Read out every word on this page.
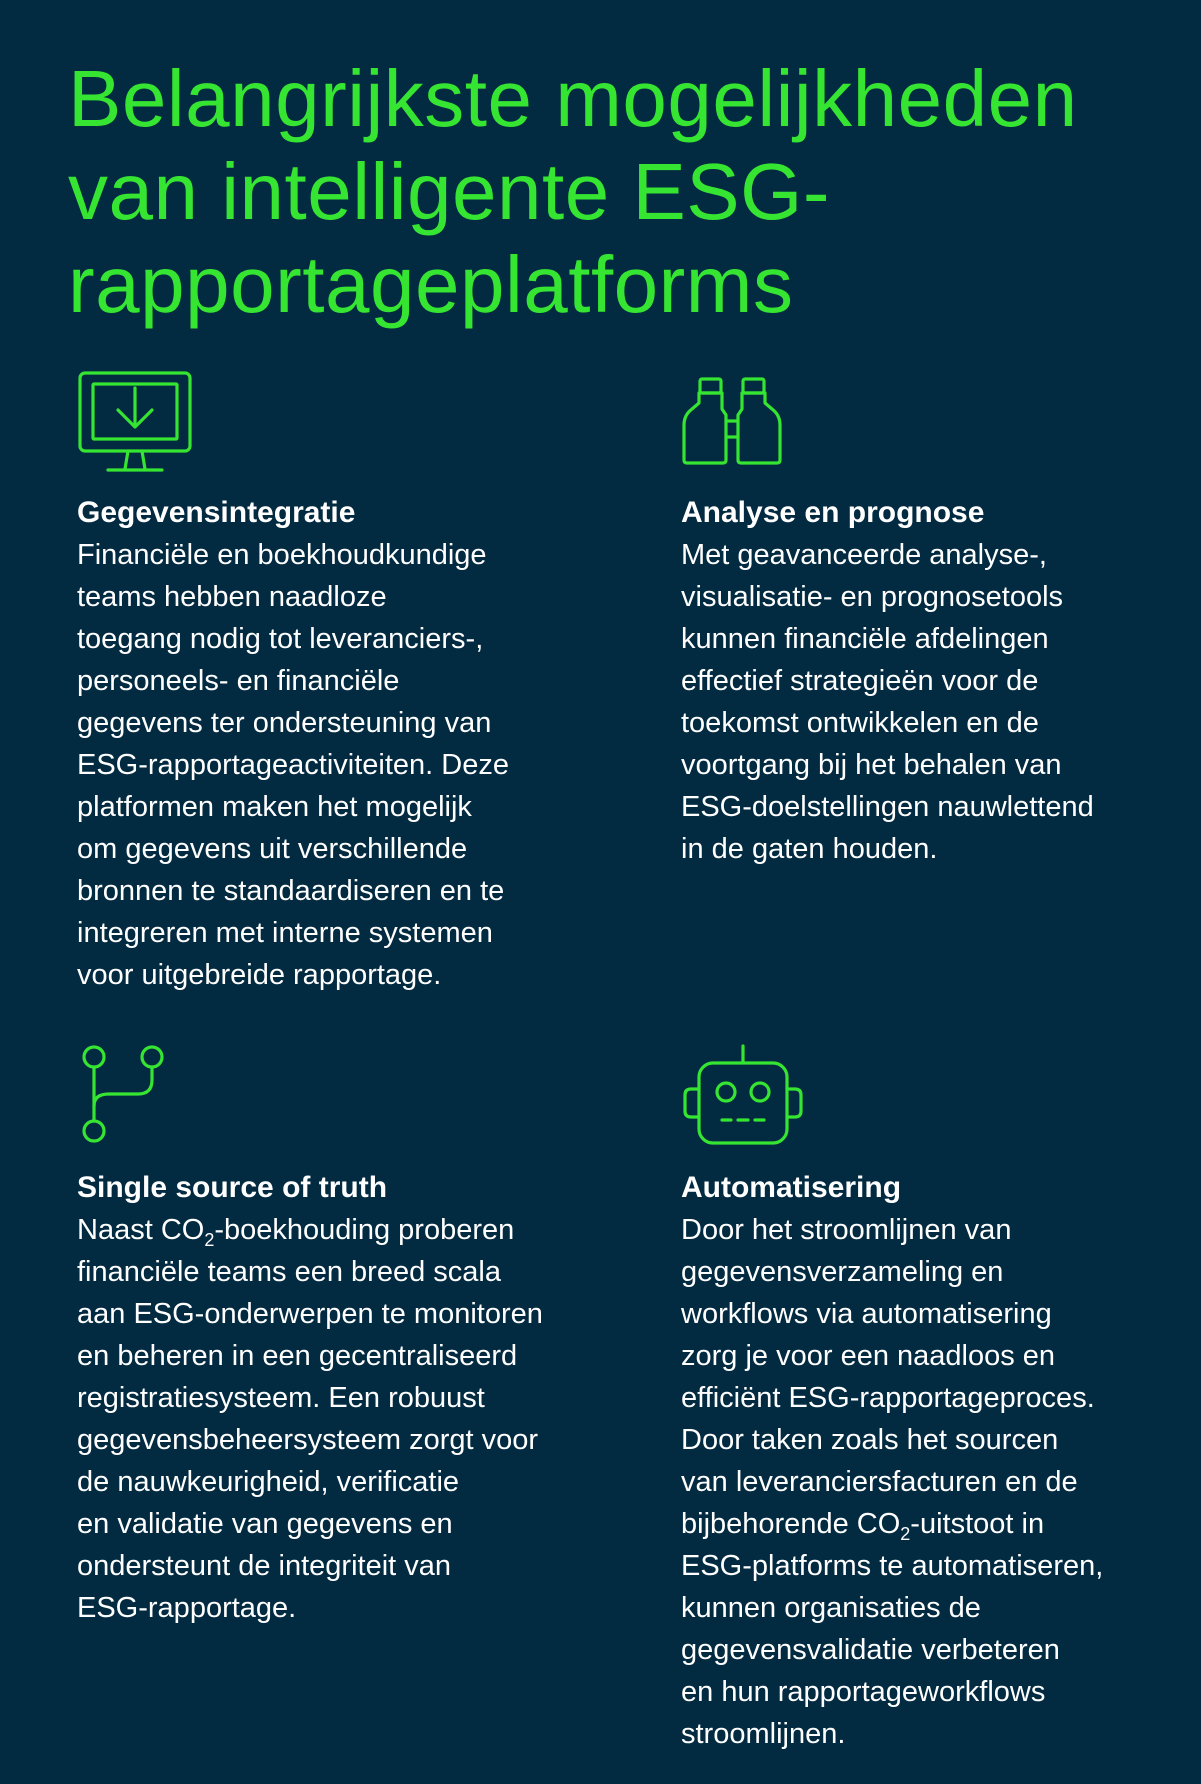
Belangrijkste mogelijkheden
van intelligente ESG-
rapportageplatforms
Gegevensintegratie
Financiële en boekhoudkundige
teams hebben naadloze
toegang nodig tot leveranciers-,
personeels- en financiële
gegevens ter ondersteuning van
ESG-rapportageactiviteiten. Deze
platformen maken het mogelijk
om gegevens uit verschillende
bronnen te standaardiseren en te
integreren met interne systemen
voor uitgebreide rapportage.
Analyse en prognose
Met geavanceerde analyse-,
visualisatie- en prognosetools
kunnen financiële afdelingen
effectief strategieën voor de
toekomst ontwikkelen en de
voortgang bij het behalen van
ESG-doelstellingen nauwlettend
in de gaten houden.
Single source of truth
Naast $CO_2$-boekhouding proberen
financiële teams een breed scala
aan ESG-onderwerpen te monitoren
en beheren in een gecentraliseerd
registratiesysteem. Een robuust
gegevensbeheersysteem zorgt voor
de nauwkeurigheid, verificatie
en validatie van gegevens en
ondersteunt de integriteit van
ESG-rapportage.
Automatisering
Door het stroomlijnen van
gegevensverzameling en
workflows via automatisering
zorg je voor een naadloos en
efficiënt ESG-rapportageproces.
Door taken zoals het sourcen
van leveranciersfacturen en de
bijbehorende $CO_2$-uitstoot in
ESG-platforms te automatiseren,
kunnen organisaties de
gegevensvalidatie verbeteren
en hun rapportageworkflows
stroomlijnen.
